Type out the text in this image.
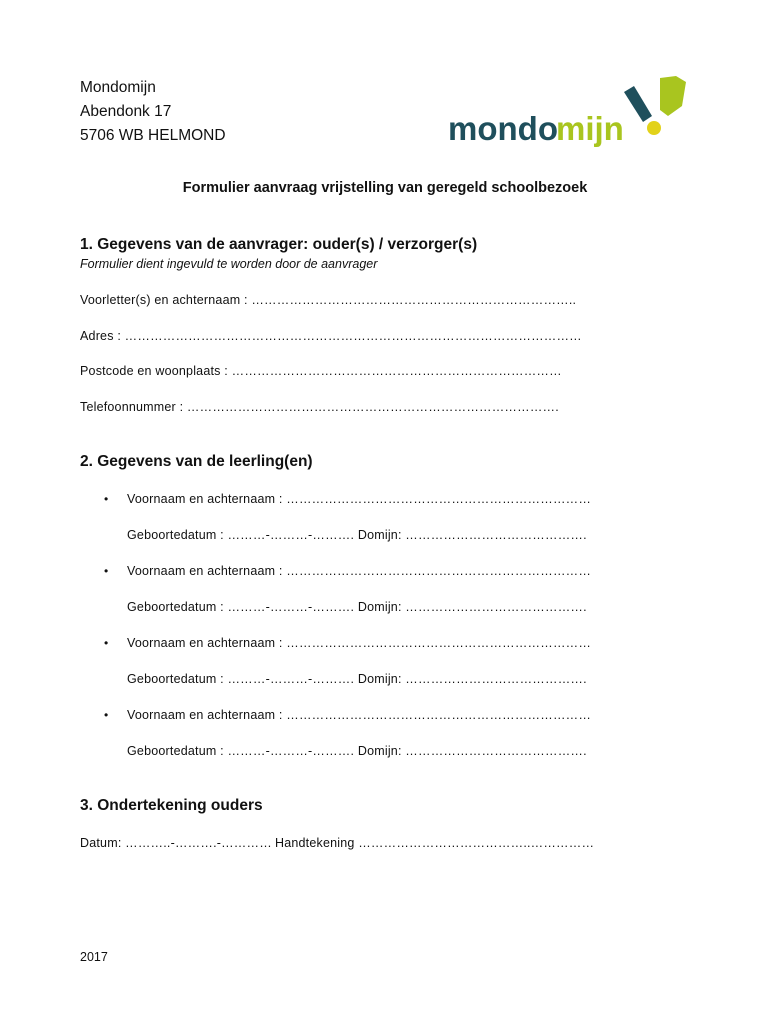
Mondomijn
Abendonk 17
5706 WB HELMOND	mondo
mijn
Formulier aanvraag vrijstelling van geregeld schoolbezoek
1. Gegevens van de aanvrager: ouder(s) / verzorger(s)
Formulier dient ingevuld te worden door de aanvrager
Voorletter(s) en achternaam : …………………………………………………………………..
Adres : ………………………………………………………………………………………………
Postcode en woonplaats : ……………………………………………………………………
Telefoonnummer : …………………………………………………………………………….
2. Gegevens van de leerling(en)
• Voornaam en achternaam : ………………………………………………………………
Geboortedatum : ………-………-………. Domijn: …………………………………….
• Voornaam en achternaam : ………………………………………………………………
Geboortedatum : ………-………-………. Domijn: …………………………………….
• Voornaam en achternaam : ………………………………………………………………
Geboortedatum : ………-………-………. Domijn: …………………………………….
• Voornaam en achternaam : ………………………………………………………………
Geboortedatum : ………-………-………. Domijn: …………………………………….
3. Ondertekening ouders
Datum: ………..-……….-………… Handtekening …………………………………..……………
2017
